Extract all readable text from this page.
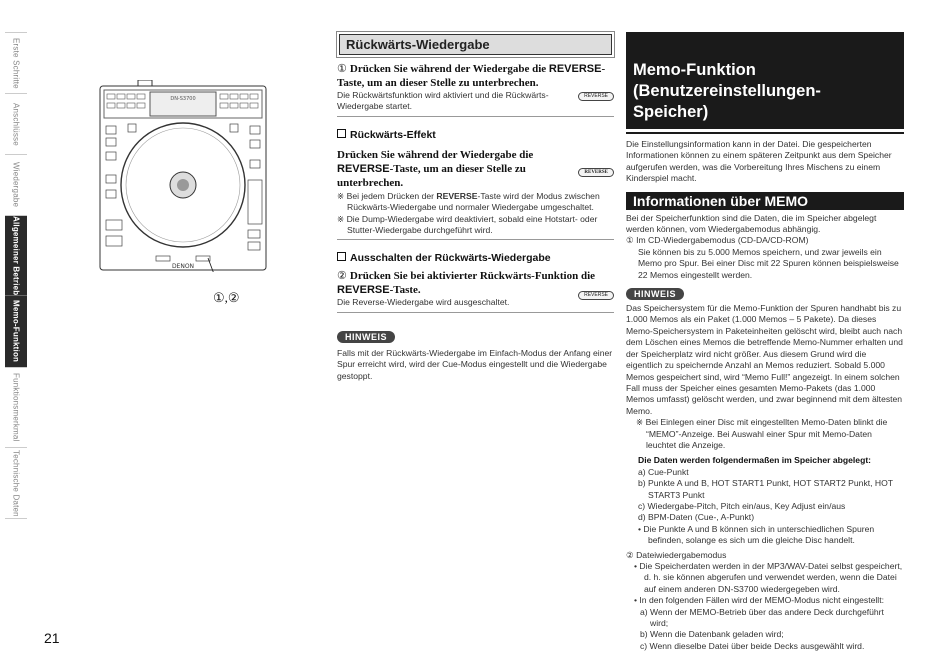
Erste Schritte
Anschlüsse
Wiedergabe
Allgemeiner Betrieb
Memo-Funktion
Funktionsmerkmal
Technische Daten
21
DN-S3700
DENON
①,②
Rückwärts-Wiedergabe
① Drücken Sie während der Wiedergabe die REVERSE-Taste, um an dieser Stelle zu unterbrechen.
Die Rückwärtsfunktion wird aktiviert und die Rückwärts-Wiedergabe startet.
REVERSE
Rückwärts-Effekt
Drücken Sie während der Wiedergabe die REVERSE-Taste, um an dieser Stelle zu unterbrechen.
REVERSE
※ Bei jedem Drücken der REVERSE-Taste wird der Modus zwischen Rückwärts-Wiedergabe und normaler Wiedergabe umgeschaltet.
※ Die Dump-Wiedergabe wird deaktiviert, sobald eine Hotstart- oder Stutter-Wiedergabe durchgeführt wird.
Ausschalten der Rückwärts-Wiedergabe
② Drücken Sie bei aktivierter Rückwärts-Funktion die REVERSE-Taste.
Die Reverse-Wiedergabe wird ausgeschaltet.
REVERSE
HINWEIS
Falls mit der Rückwärts-Wiedergabe im Einfach-Modus der Anfang einer Spur erreicht wird, wird der Cue-Modus eingestellt und die Wiedergabe gestoppt.
Memo-Funktion
(Benutzereinstellungen-
Speicher)
Die Einstellungsinformation kann in der Datei. Die gespeicherten Informationen können zu einem späteren Zeitpunkt aus dem Speicher aufgerufen werden, was die Vorbereitung Ihres Mischens zu einem Kinderspiel macht.
Informationen über MEMO
Bei der Speicherfunktion sind die Daten, die im Speicher abgelegt werden können, vom Wiedergabemodus abhängig.
① Im CD-Wiedergabemodus (CD-DA/CD-ROM)
Sie können bis zu 5.000 Memos speichern, und zwar jeweils ein Memo pro Spur. Bei einer Disc mit 22 Spuren können beispielsweise 22 Memos eingestellt werden.
HINWEIS
Das Speichersystem für die Memo-Funktion der Spuren handhabt bis zu 1.000 Memos als ein Paket (1.000 Memos – 5 Pakete). Da dieses Memo-Speichersystem in Paketeinheiten gelöscht wird, bleibt auch nach dem Löschen eines Memos die betreffende Memo-Nummer erhalten und der Speicherplatz wird nicht größer. Aus diesem Grund wird die eigentlich zu speichernde Anzahl an Memos reduziert. Sobald 5.000 Memos gespeichert sind, wird “Memo Full!” angezeigt. In einem solchen Fall muss der Speicher eines gesamten Memo-Pakets (das 1.000 Memos umfasst) gelöscht werden, und zwar beginnend mit dem ältesten Memo.
※ Bei Einlegen einer Disc mit eingestellten Memo-Daten blinkt die “MEMO”-Anzeige. Bei Auswahl einer Spur mit Memo-Daten leuchtet die Anzeige.
Die Daten werden folgendermaßen im Speicher abgelegt:
a) Cue-Punkt
b) Punkte A und B, HOT START1 Punkt, HOT START2 Punkt, HOT START3 Punkt
c) Wiedergabe-Pitch, Pitch ein/aus, Key Adjust ein/aus
d) BPM-Daten (Cue-, A-Punkt)
• Die Punkte A und B können sich in unterschiedlichen Spuren befinden, solange es sich um die gleiche Disc handelt.
② Dateiwiedergabemodus
• Die Speicherdaten werden in der MP3/WAV-Datei selbst gespeichert, d. h. sie können abgerufen und verwendet werden, wenn die Datei auf einem anderen DN-S3700 wiedergegeben wird.
• In den folgenden Fällen wird der MEMO-Modus nicht eingestellt:
a) Wenn der MEMO-Betrieb über das andere Deck durchgeführt wird;
b) Wenn die Datenbank geladen wird;
c) Wenn dieselbe Datei über beide Decks ausgewählt wird.
